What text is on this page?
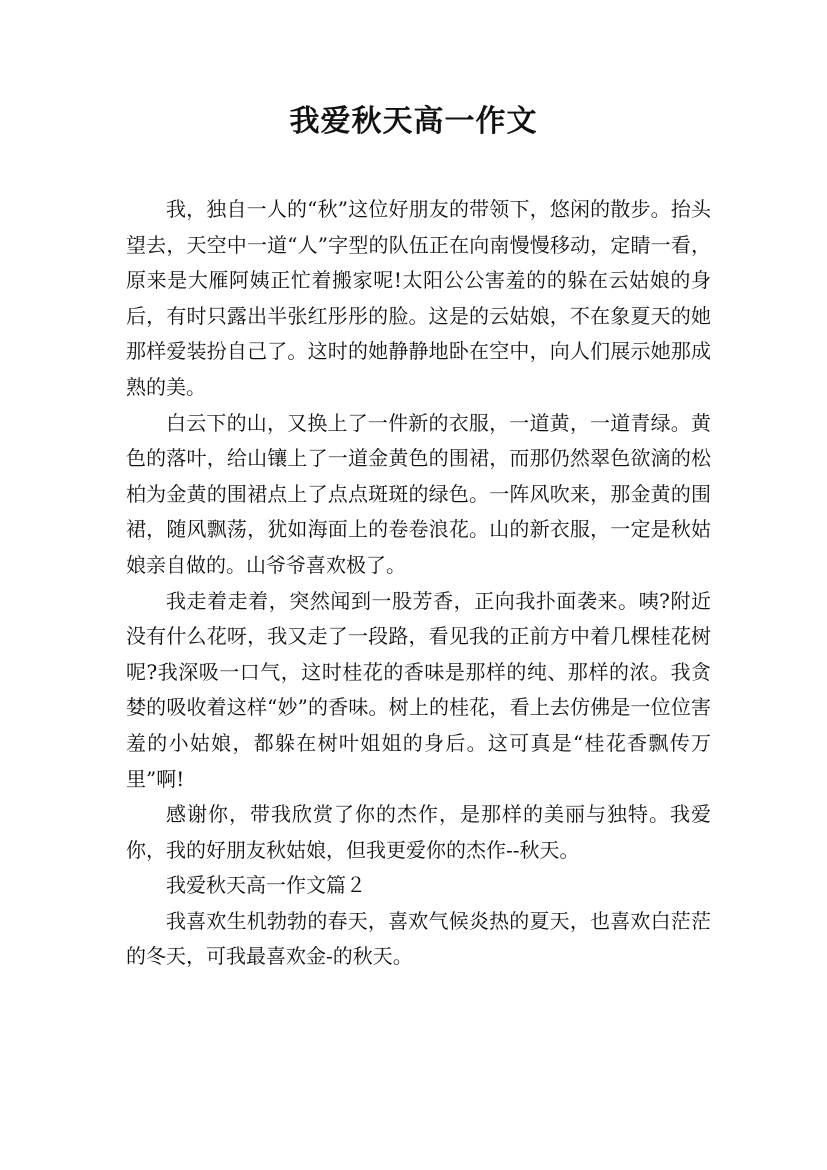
我爱秋天高一作文

我，独自一人的“秋”这位好朋友的带领下，悠闲的散步。抬头望去，天空中一道“人”字型的队伍正在向南慢慢移动，定睛一看，原来是大雁阿姨正忙着搬家呢!太阳公公害羞的的躲在云姑娘的身后，有时只露出半张红彤彤的脸。这是的云姑娘，不在象夏天的她那样爱装扮自己了。这时的她静静地卧在空中，向人们展示她那成熟的美。

白云下的山，又换上了一件新的衣服，一道黄，一道青绿。黄色的落叶，给山镶上了一道金黄色的围裙，而那仍然翠色欲滴的松柏为金黄的围裙点上了点点斑斑的绿色。一阵风吹来，那金黄的围裙，随风飘荡，犹如海面上的卷卷浪花。山的新衣服，一定是秋姑娘亲自做的。山爷爷喜欢极了。

我走着走着，突然闻到一股芳香，正向我扑面袭来。咦?附近没有什么花呀，我又走了一段路，看见我的正前方中着几棵桂花树呢?我深吸一口气，这时桂花的香味是那样的纯、那样的浓。我贪婪的吸收着这样“妙”的香味。树上的桂花，看上去仿佛是一位位害羞的小姑娘，都躲在树叶姐姐的身后。这可真是“桂花香飘传万里”啊!

感谢你，带我欣赏了你的杰作，是那样的美丽与独特。我爱你，我的好朋友秋姑娘，但我更爱你的杰作--秋天。

我爱秋天高一作文篇２

我喜欢生机勃勃的春天，喜欢气候炎热的夏天，也喜欢白茫茫的冬天，可我最喜欢金-的秋天。
